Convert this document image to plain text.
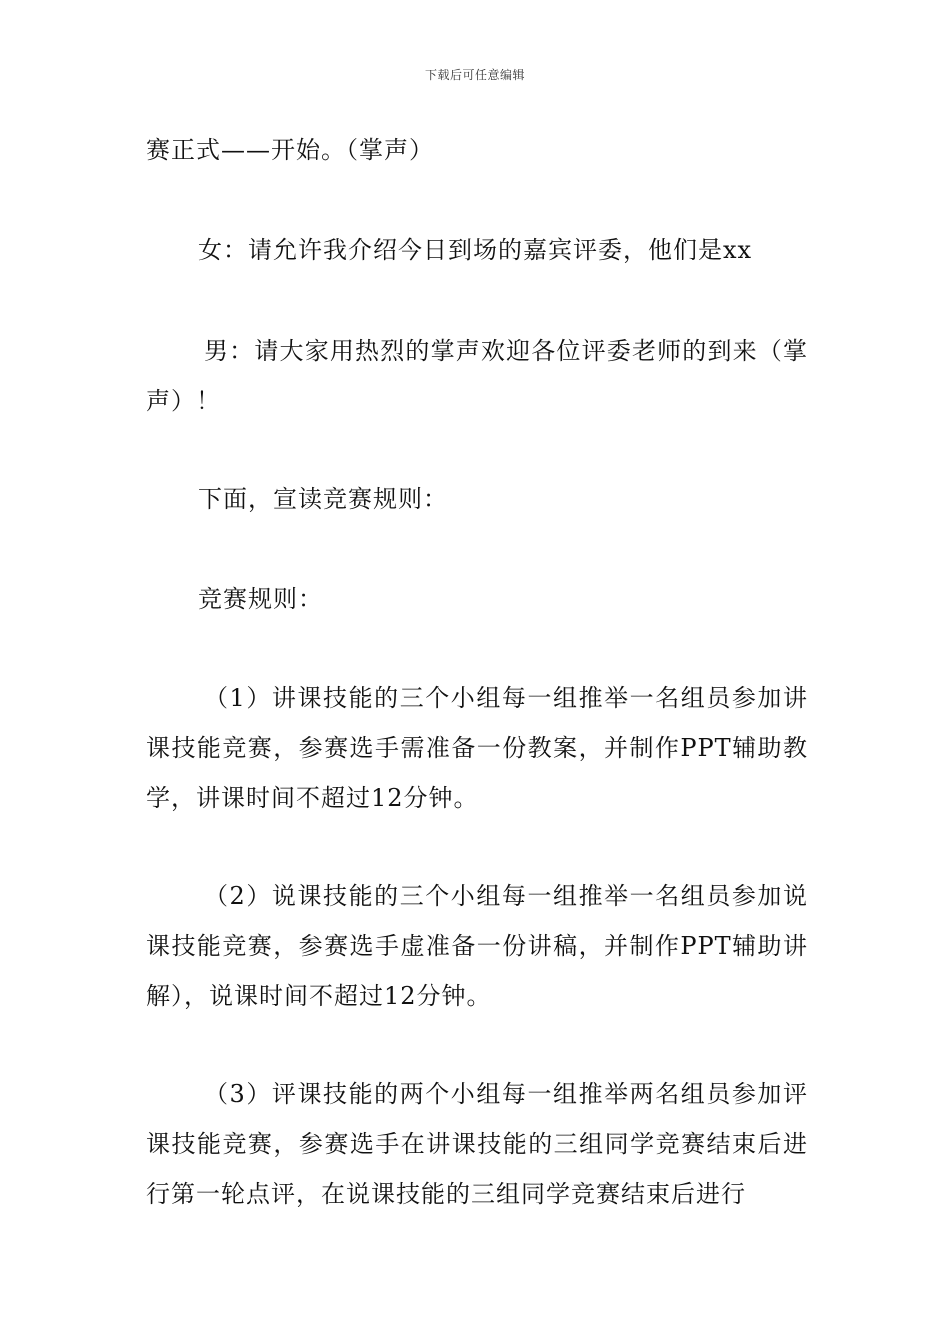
下载后可任意编辑

赛正式——开始。（掌声）

女：请允许我介绍今日到场的嘉宾评委，他们是xx

男：请大家用热烈的掌声欢迎各位评委老师的到来（掌声）！

下面，宣读竞赛规则：

竞赛规则：

（1）讲课技能的三个小组每一组推举一名组员参加讲课技能竞赛，参赛选手需准备一份教案，并制作PPT辅助教学，讲课时间不超过12分钟。

（2）说课技能的三个小组每一组推举一名组员参加说课技能竞赛，参赛选手虚准备一份讲稿，并制作PPT辅助讲解），说课时间不超过12分钟。

（3）评课技能的两个小组每一组推举两名组员参加评课技能竞赛，参赛选手在讲课技能的三组同学竞赛结束后进行第一轮点评，在说课技能的三组同学竞赛结束后进行
